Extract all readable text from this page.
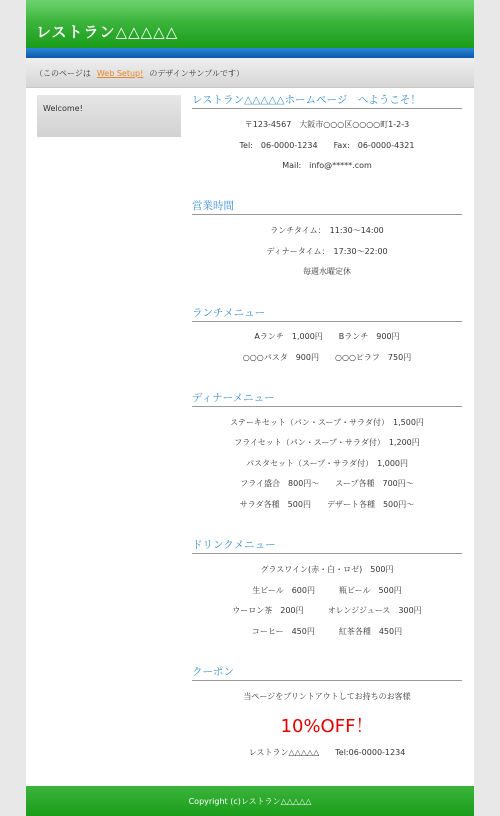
レストラン△△△△△
（このページは Web Setup! のデザインサンプルです）
Welcome!
レストラン△△△△△ホームページ　へようこそ！
〒123-4567　大阪市○○○区○○○○町1-2-3
Tel:　06-0000-1234　　Fax:　06-0000-4321
Mail:　info@*****.com
営業時間
ランチタイム：　11:30～14:00
ディナータイム：　17:30～22:00
毎週水曜定休
ランチメニュー
Aランチ　1,000円　　Bランチ　900円
○○○パスタ　900円　　○○○ピラフ　750円
ディナーメニュー
ステーキセット（パン・スープ・サラダ付）　1,500円
フライセット（パン・スープ・サラダ付）　1,200円
パスタセット（スープ・サラダ付）　1,000円
フライ盛合　800円～　　スープ各種　700円～
サラダ各種　500円　　デザート各種　500円～
ドリンクメニュー
グラスワイン(赤・白・ロゼ)　500円
生ビール　600円　　　瓶ビール　500円
ウーロン茶　200円　　　オレンジジュース　300円
コーヒー　450円　　　紅茶各種　450円
クーポン
当ページをプリントアウトしてお持ちのお客様
10%OFF！
レストラン△△△△△　　Tel:06-0000-1234
Copyright (c)レストラン△△△△△
